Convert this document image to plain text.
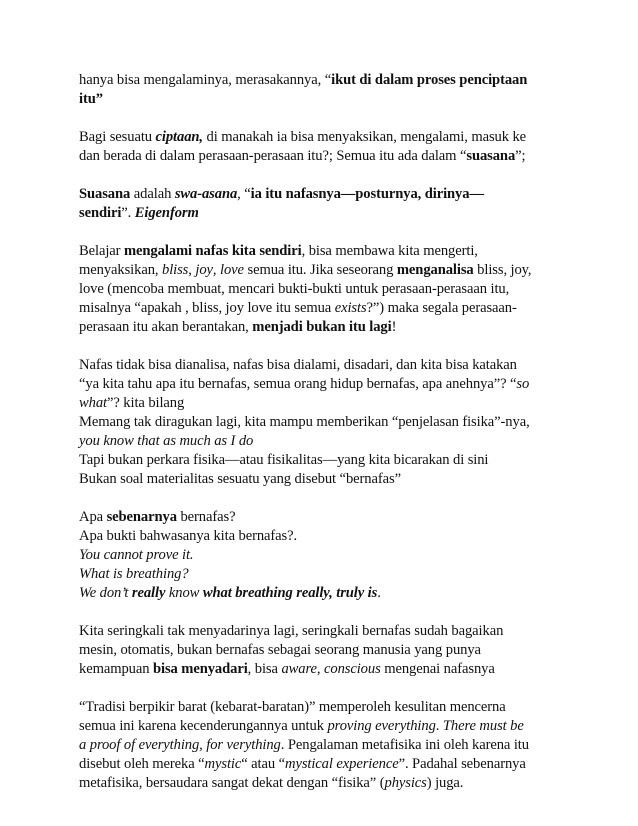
hanya bisa mengalaminya, merasakannya, “ikut di dalam proses penciptaan
itu”
Bagi sesuatu ciptaan, di manakah ia bisa menyaksikan, mengalami, masuk ke
dan berada di dalam perasaan-perasaan itu?; Semua itu ada dalam “suasana”;
Suasana adalah swa-asana, “ia itu nafasnya—posturnya, dirinya—
sendiri”. Eigenform
Belajar mengalami nafas kita sendiri, bisa membawa kita mengerti,
menyaksikan, bliss, joy, love semua itu. Jika seseorang menganalisa bliss, joy,
love (mencoba membuat, mencari bukti-bukti untuk perasaan-perasaan itu,
misalnya “apakah , bliss, joy love itu semua exists?”) maka segala perasaan-
perasaan itu akan berantakan, menjadi bukan itu lagi!
Nafas tidak bisa dianalisa, nafas bisa dialami, disadari, dan kita bisa katakan
“ya kita tahu apa itu bernafas, semua orang hidup bernafas, apa anehnya”? “so
what”? kita bilang
Memang tak diragukan lagi, kita mampu memberikan “penjelasan fisika”-nya,
you know that as much as I do
Tapi bukan perkara fisika—atau fisikalitas—yang kita bicarakan di sini
Bukan soal materialitas sesuatu yang disebut “bernafas”
Apa sebenarnya bernafas?
Apa bukti bahwasanya kita bernafas?.
You cannot prove it.
What is breathing?
We don’t really know what breathing really, truly is.
Kita seringkali tak menyadarinya lagi, seringkali bernafas sudah bagaikan
mesin, otomatis, bukan bernafas sebagai seorang manusia yang punya
kemampuan bisa menyadari, bisa aware, conscious mengenai nafasnya
“Tradisi berpikir barat (kebarat-baratan)” memperoleh kesulitan mencerna
semua ini karena kecenderungannya untuk proving everything. There must be
a proof of everything, for verything. Pengalaman metafisika ini oleh karena itu
disebut oleh mereka “mystic“ atau “mystical experience”. Padahal sebenarnya
metafisika, bersaudara sangat dekat dengan “fisika” (physics) juga.
